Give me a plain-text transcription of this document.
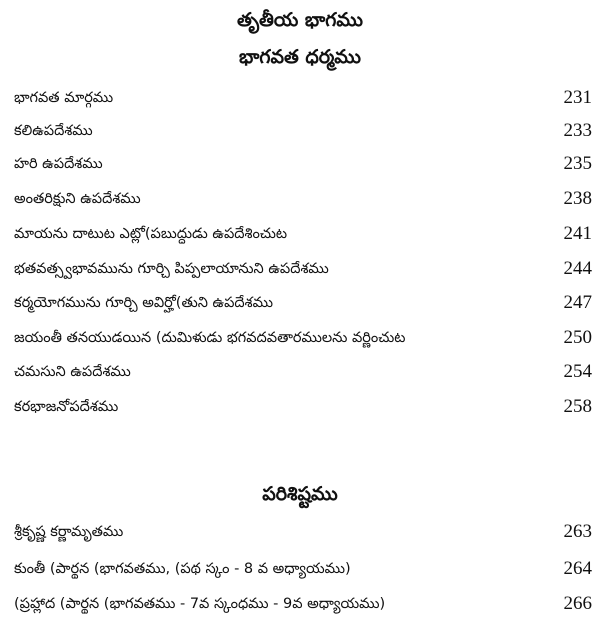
తృతీయ భాగము
భాగవత ధర్మము
భాగవత మార్గము	231
కలిఉపదేశము	233
హరి ఉపదేశము	235
అంతరిక్షుని ఉపదేశము	238
మాయను దాటుట ఎట్లో(పబుద్ధుడు ఉపదేశించుట	241
భతవత్స్వభావమును గూర్చి పిప్పలాయానుని ఉపదేశము	244
కర్మయోగమును గూర్చి అవిర్హో(తుని ఉపదేశము	247
జయంతీ తనయుడయిన (దుమిళుడు భగవదవతారములను వర్ణించుట	250
చమసుని ఉపదేశము	254
కరభాజనోపదేశము	258
పరిశిష్టము
శ్రీకృష్ణ కర్ణామృతము	263
కుంతీ (పార్థన (భాగవతము, (పథ స్కం - 8 వ అధ్యాయము)	264
(ప్రహ్లాద (పార్థన (భాగవతము - 7వ స్కంధము - 9వ అధ్యాయము)	266
